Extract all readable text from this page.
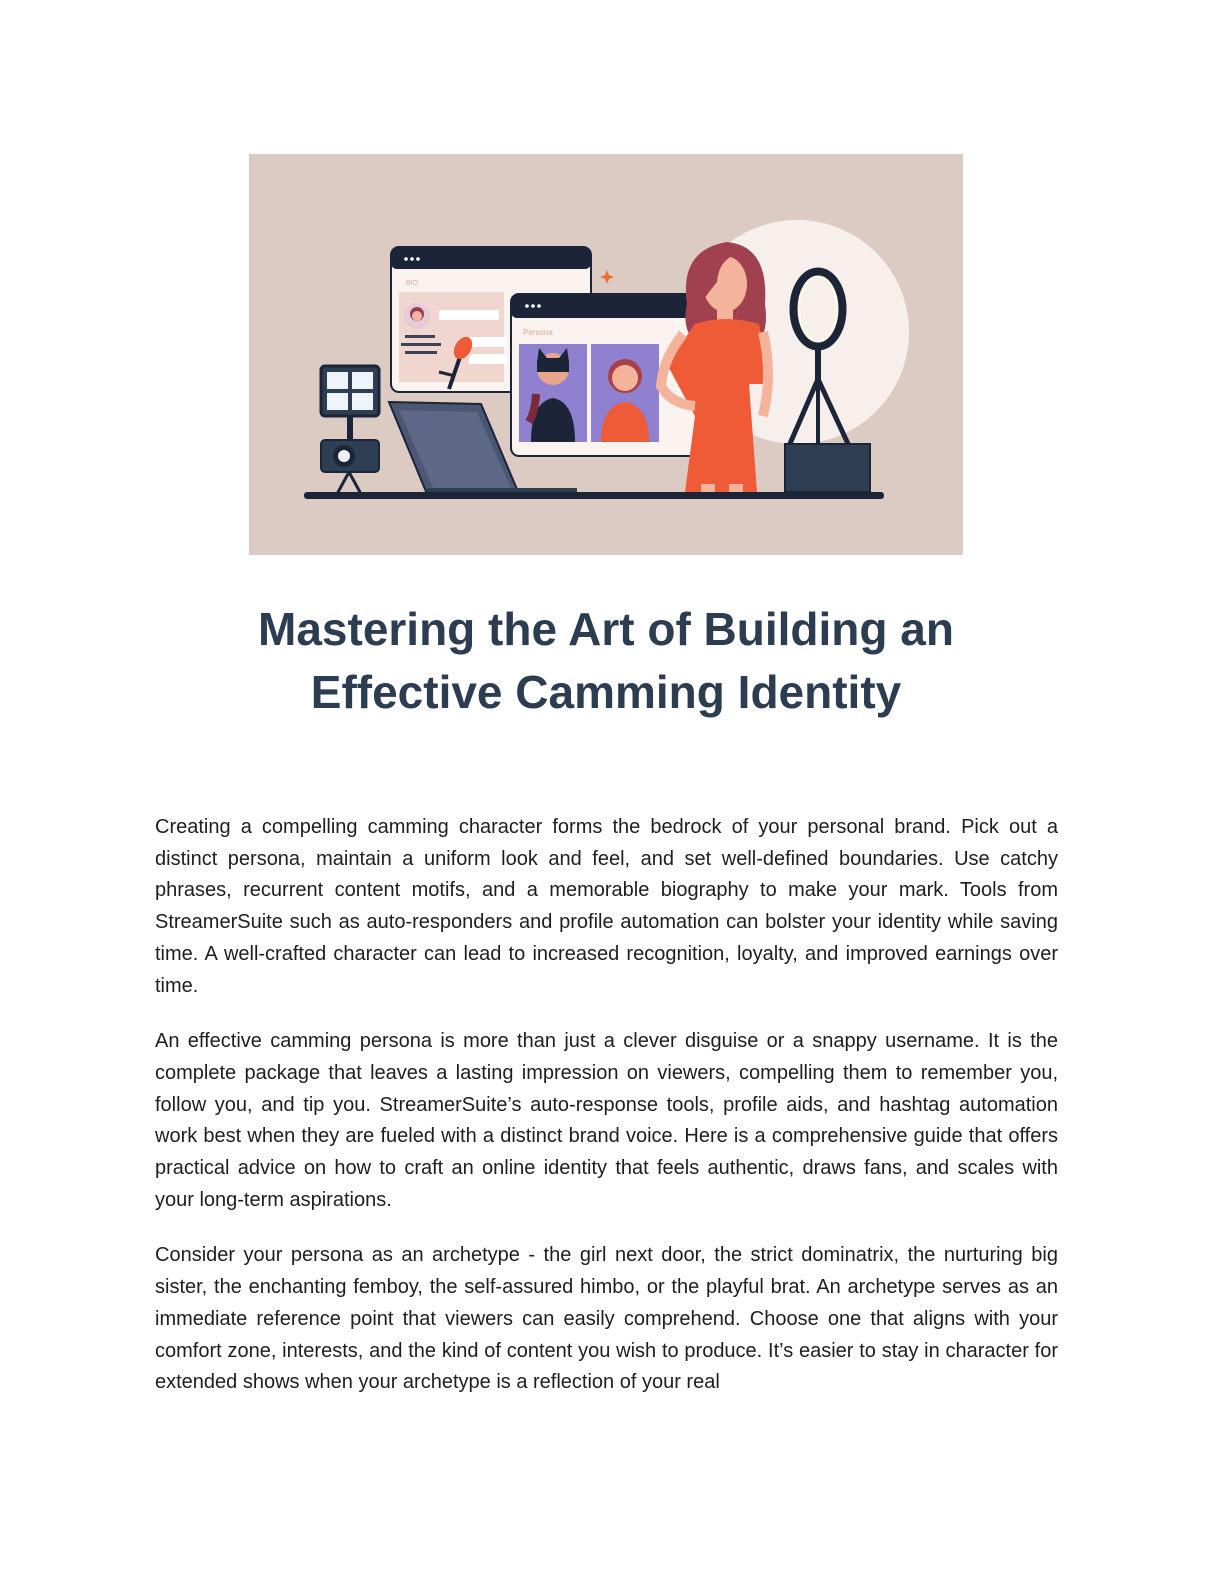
BIO
Persona
Mastering the Art of Building an
Effective Camming Identity

Creating a compelling camming character forms the bedrock of your personal brand. Pick out a distinct persona, maintain a uniform look and feel, and set well-defined boundaries. Use catchy phrases, recurrent content motifs, and a memorable biography to make your mark. Tools from StreamerSuite such as auto-responders and profile automation can bolster your identity while saving time. A well-crafted character can lead to increased recognition, loyalty, and improved earnings over time.

An effective camming persona is more than just a clever disguise or a snappy username. It is the complete package that leaves a lasting impression on viewers, compelling them to remember you, follow you, and tip you. StreamerSuite’s auto-response tools, profile aids, and hashtag automation work best when they are fueled with a distinct brand voice. Here is a comprehensive guide that offers practical advice on how to craft an online identity that feels authentic, draws fans, and scales with your long-term aspirations.

Consider your persona as an archetype - the girl next door, the strict dominatrix, the nurturing big sister, the enchanting femboy, the self-assured himbo, or the playful brat. An archetype serves as an immediate reference point that viewers can easily comprehend. Choose one that aligns with your comfort zone, interests, and the kind of content you wish to produce. It’s easier to stay in character for extended shows when your archetype is a reflection of your real
